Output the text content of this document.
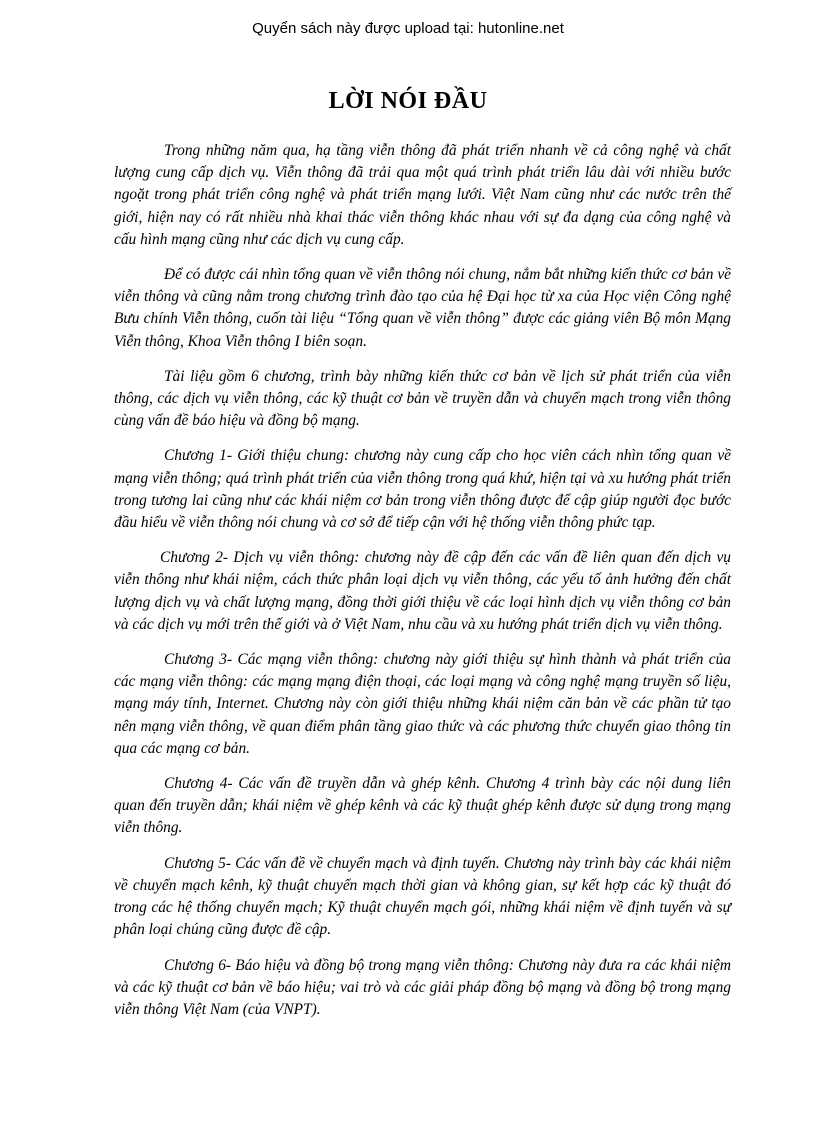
Quyển sách này được upload tại: hutonline.net

LỜI NÓI ĐẦU

Trong những năm qua, hạ tầng viễn thông đã phát triển nhanh về cả công nghệ và chất lượng cung cấp dịch vụ. Viễn thông đã trải qua một quá trình phát triển lâu dài với nhiều bước ngoặt trong phát triển công nghệ và phát triển mạng lưới. Việt Nam cũng như các nước trên thế giới, hiện nay có rất nhiều nhà khai thác viễn thông khác nhau với sự đa dạng của công nghệ và cấu hình mạng cũng như các dịch vụ cung cấp.

Để có được cái nhìn tổng quan về viễn thông nói chung, nắm bắt những kiến thức cơ bản về viễn thông và cũng nằm trong chương trình đào tạo của hệ Đại học từ xa của Học viện Công nghệ Bưu chính Viễn thông, cuốn tài liệu “Tổng quan về viễn thông” được các giảng viên Bộ môn Mạng Viễn thông, Khoa Viễn thông I biên soạn.

Tài liệu gồm 6 chương, trình bày những kiến thức cơ bản về lịch sử phát triển của viễn thông, các dịch vụ viễn thông, các kỹ thuật cơ bản về truyền dẫn và chuyển mạch trong viễn thông cùng vấn đề báo hiệu và đồng bộ mạng.

Chương 1- Giới thiệu chung: chương này cung cấp cho học viên cách nhìn tổng quan về mạng viễn thông; quá trình phát triển của viễn thông trong quá khứ, hiện tại và xu hướng phát triển trong tương lai cũng như các khái niệm cơ bản trong viễn thông được để cập giúp người đọc bước đầu hiểu về viễn thông nói chung và cơ sở để tiếp cận với hệ thống viễn thông phức tạp.

Chương 2- Dịch vụ viễn thông: chương này đề cập đến các vấn đề liên quan đến dịch vụ viễn thông như khái niệm, cách thức phân loại dịch vụ viễn thông, các yếu tố ảnh hưởng đến chất lượng dịch vụ và chất lượng mạng, đồng thời giới thiệu về các loại hình dịch vụ viễn thông cơ bản và các dịch vụ mới trên thế giới và ở Việt Nam, nhu cầu và xu hướng phát triển dịch vụ viễn thông.

Chương 3- Các mạng viễn thông: chương này giới thiệu sự hình thành và phát triển của các mạng viễn thông: các mạng mạng điện thoại, các loại mạng và công nghệ mạng truyền số liệu, mạng máy tính, Internet. Chương này còn giới thiệu những khái niệm căn bản về các phần tử tạo nên mạng viễn thông, về quan điểm phân tầng giao thức và các phương thức chuyển giao thông tin qua các mạng cơ bản.

Chương 4- Các vấn đề truyền dẫn và ghép kênh. Chương 4 trình bày các nội dung liên quan đến truyền dẫn; khái niệm về ghép kênh và các kỹ thuật ghép kênh được sử dụng trong mạng viễn thông.

Chương 5- Các vấn đề về chuyển mạch và định tuyến. Chương này trình bày các khái niệm về chuyển mạch kênh, kỹ thuật chuyển mạch thời gian và không gian, sự kết hợp các kỹ thuật đó trong các hệ thống chuyển mạch; Kỹ thuật chuyển mạch gói, những khái niệm về định tuyến và sự phân loại chúng cũng được đề cập.

Chương 6- Báo hiệu và đồng bộ trong mạng viễn thông: Chương này đưa ra các khái niệm và các kỹ thuật cơ bản về báo hiệu; vai trò và các giải pháp đồng bộ mạng và đồng bộ trong mạng viễn thông Việt Nam (của VNPT).
